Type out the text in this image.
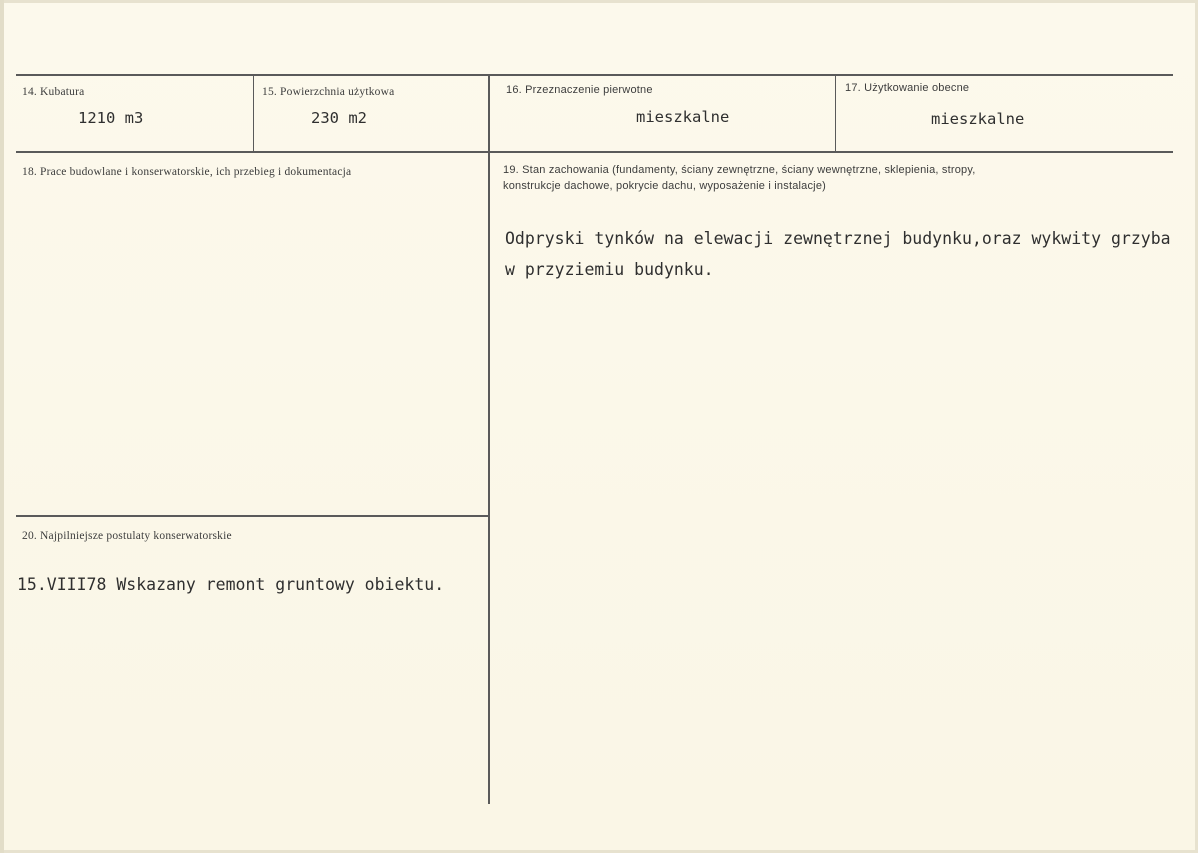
14. Kubatura
1210 m3
15. Powierzchnia użytkowa
230 m2
16. Przeznaczenie pierwotne
mieszkalne
17. Użytkowanie obecne
mieszkalne
18. Prace budowlane i konserwatorskie, ich przebieg i dokumentacja	19. Stan zachowania (fundamenty, ściany zewnętrzne, ściany wewnętrzne, sklepienia, stropy,
konstrukcje dachowe, pokrycie dachu, wyposażenie i instalacje)
Odpryski tynków na elewacji zewnętrznej budynku,oraz wykwity grzyba
w przyziemiu budynku.
20. Najpilniejsze postulaty konserwatorskie
15.VIII78 Wskazany remont gruntowy obiektu.
